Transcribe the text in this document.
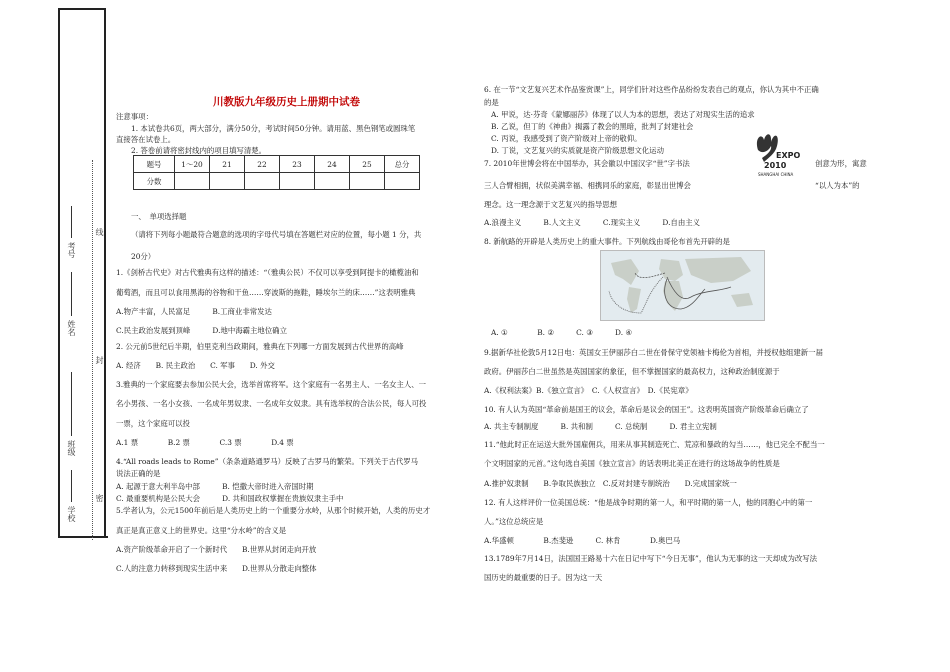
线
考号
封
姓名
班级
学校
密
川教版九年级历史上册期中试卷
注意事项：
1. 本试卷共6页，两大部分，满分50分，考试时间50分钟。请用蓝、黑色钢笔或圆珠笔
直接答在试卷上。
2. 答卷前请将密封线内的项目填写清楚。
题号	1～20	21	22	23	24	25	总分
分数							
一、　单项选择题
（请将下列每小题最符合题意的选项的字母代号填在答题栏对应的位置，每小题 1 分，共
20分）
1.《剑桥古代史》对古代雅典有这样的描述：“（雅典公民）不仅可以享受到阿提卡的橄榄油和
葡萄酒，而且可以食用黑海的谷物和干鱼……穿波斯的拖鞋，睡埃尔兰的床……”这表明雅典
A.物产丰富，人民富足　　　B.工商业非常发达
C.民主政治发展到顶峰　　　D.地中海霸主地位确立
2. 公元前5世纪后半期，伯里克利当政期间，雅典在下列哪一方面发展到古代世界的高峰
A. 经济　　B. 民主政治　　C. 军事　　D. 外交
3.雅典的一个家庭要去参加公民大会，选举首席将军。这个家庭有一名男主人、一名女主人、一
名小男孩、一名小女孩、一名成年男奴隶、一名成年女奴隶。具有选举权的合法公民，每人可投
一票，这个家庭可以投
A.1 票　　　　B.2 票　　　　C.3 票　　　　D.4 票
4.“All roads leads to Rome”（条条道路通罗马）反映了古罗马的繁荣。下列关于古代罗马
说法正确的是
A. 起源于意大利半岛中部　　　B. 恺撒大帝时进入帝国时期
C. 最重要机构是公民大会　　　D. 共和国政权掌握在贵族奴隶主手中
5.学者认为，公元1500年前后是人类历史上的一个重要分水岭，从那个时候开始，人类的历史才
真正是真正意义上的世界史。这里“分水岭”的含义是
A.资产阶级革命开启了一个新时代　　B.世界从封闭走向开放
C.人的注意力转移到现实生活中来　　D.世界从分散走向整体
6. 在一节“文艺复兴艺术作品鉴赏课”上，同学们针对这些作品纷纷发表自己的观点，你认为其中不正确
的是
A. 甲说，达·芬奇《蒙娜丽莎》体现了以人为本的思想，表达了对现实生活的追求
B. 乙说，但丁的《神曲》揭露了教会的黑暗，批判了封建社会
C. 丙说，我感受到了资产阶级对上帝的敬仰。
D. 丁说，文艺复兴的实质就是资产阶级思想文化运动
7. 2010年世博会将在中国举办，其会徽以中国汉字“世”字书法	创意为形，寓意
三人合臂相拥，状似美满幸福、相携同乐的家庭，彰显出世博会	“以人为本”的
理念。这一理念源于文艺复兴的指导思想
A.浪漫主义　　　B.人文主义　　　C.现实主义　　　D.自由主义
8. 新航路的开辟是人类历史上的重大事件。下列航线由哥伦布首先开辟的是
A. ①　　　　B. ②　　　C. ③　　　D. ④
9.据新华社伦敦5月12日电：英国女王伊丽莎白二世在骨保守党领袖卡梅伦为首相，并授权他组建新一届
政府。伊丽莎白二世虽然是英国国家的象征，但不掌握国家的最高权力，这种政治制度源于
A.《权利法案》B.《独立宣言》　C.《人权宣言》　D.《民宪章》
10. 有人认为英国“革命前是国王的议会，革命后是议会的国王”。这表明英国资产阶级革命后确立了
A. 共主专制制度　　　B. 共和制　　　C. 总统制　　　D. 君主立宪制
11.“他此时正在运送大批外国雇佣兵，用来从事其制造死亡、荒凉和暴政的勾当……，他已完全不配当一
个文明国家的元首。”这句选自美国《独立宣言》的话表明北美正在进行的这场战争的性质是
A.推护奴隶制　　B.争取民族独立　C.反对封建专制统治　　D.完成国家统一
12. 有人这样评价一位美国总统：“他是战争时期的第一人，和平时期的第一人，他的同胞心中的第一
人。”这位总统应是
A.华盛顿　　　　B.杰斐逊　　　C. 林肯　　　　D.奥巴马
13.1789年7月14日，法国国王路易十六在日记中写下“今日无事”，他认为无事的这一天却成为改写法
国历史的最重要的日子。因为这一天
EXPO
2010
SHANGHAI CHINA
